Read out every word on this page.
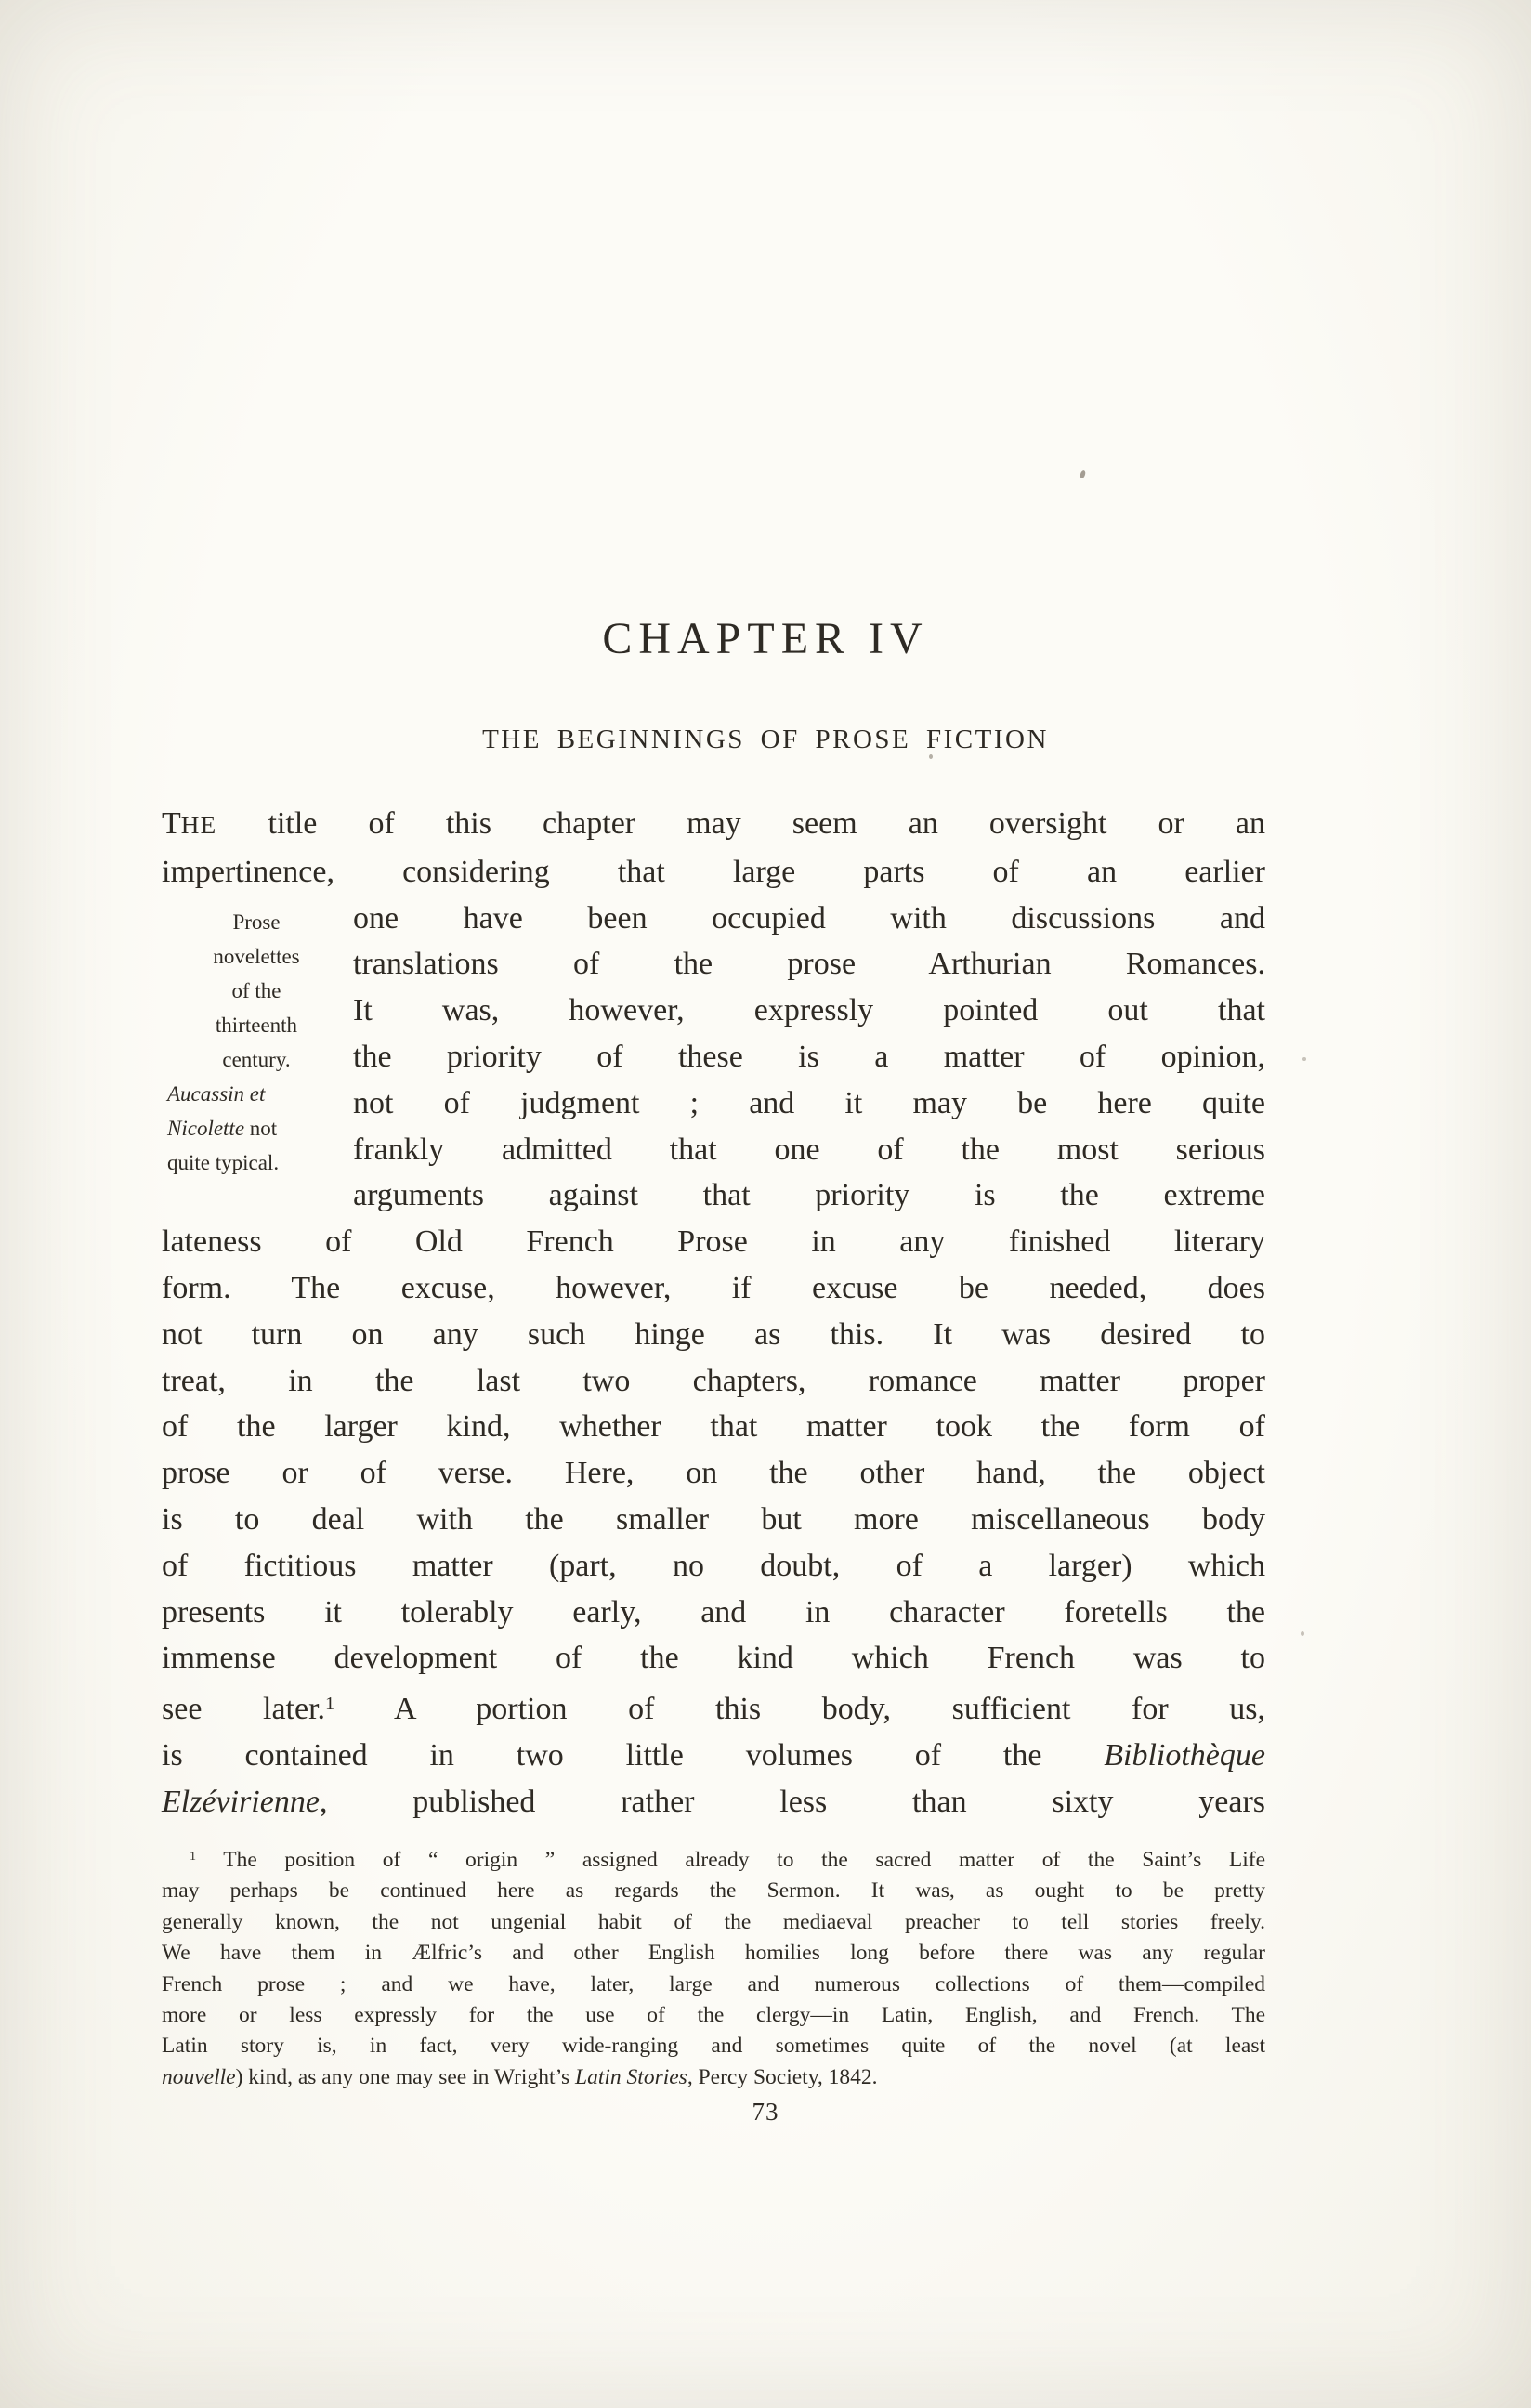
CHAPTER IV
THE BEGINNINGS OF PROSE FICTION
Prose
novelettes
of the
thirteenth
century.
Aucassin et
Nicolette not
quite typical.
THE title of this chapter may seem an oversight or an
impertinence, considering that large parts of an earlier
one have been occupied with discussions and
translations of the prose Arthurian Romances.
It was, however, expressly pointed out that
the priority of these is a matter of opinion,
not of judgment ; and it may be here quite
frankly admitted that one of the most serious
arguments against that priority is the extreme
lateness of Old French Prose in any finished literary
form. The excuse, however, if excuse be needed, does
not turn on any such hinge as this. It was desired to
treat, in the last two chapters, romance matter proper
of the larger kind, whether that matter took the form of
prose or of verse. Here, on the other hand, the object
is to deal with the smaller but more miscellaneous body
of fictitious matter (part, no doubt, of a larger) which
presents it tolerably early, and in character foretells the
immense development of the kind which French was to
see later.$^1$ A portion of this body, sufficient for us,
is contained in two little volumes of the Bibliothèque
Elzévirienne, published rather less than sixty years
$^1$ The position of “ origin ” assigned already to the sacred matter of the Saint’s Life
may perhaps be continued here as regards the Sermon. It was, as ought to be pretty
generally known, the not ungenial habit of the mediaeval preacher to tell stories freely.
We have them in Ælfric’s and other English homilies long before there was any regular
French prose ; and we have, later, large and numerous collections of them—compiled
more or less expressly for the use of the clergy—in Latin, English, and French. The
Latin story is, in fact, very wide-ranging and sometimes quite of the novel (at least
nouvelle) kind, as any one may see in Wright’s Latin Stories, Percy Society, 1842.
73
